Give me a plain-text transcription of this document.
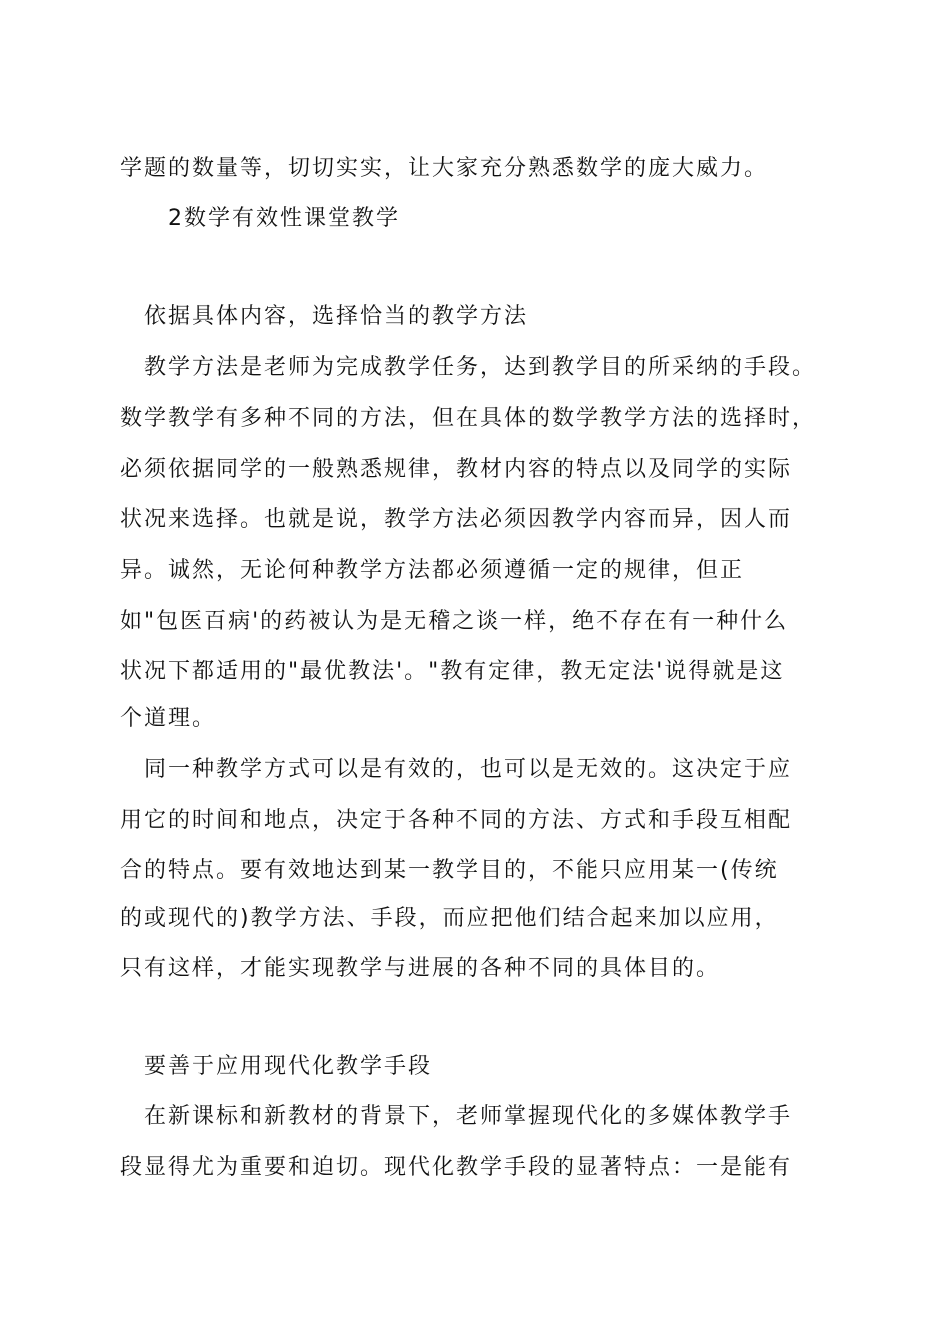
学题的数量等，切切实实，让大家充分熟悉数学的庞大威力。
2数学有效性课堂教学
依据具体内容，选择恰当的教学方法
教学方法是老师为完成教学任务，达到教学目的所采纳的手段。
数学教学有多种不同的方法，但在具体的数学教学方法的选择时，
必须依据同学的一般熟悉规律，教材内容的特点以及同学的实际
状况来选择。也就是说，教学方法必须因教学内容而异，因人而
异。诚然，无论何种教学方法都必须遵循一定的规律，但正
如"包医百病'的药被认为是无稽之谈一样，绝不存在有一种什么
状况下都适用的"最优教法'。"教有定律，教无定法'说得就是这
个道理。
同一种教学方式可以是有效的，也可以是无效的。这决定于应
用它的时间和地点，决定于各种不同的方法、方式和手段互相配
合的特点。要有效地达到某一教学目的，不能只应用某一(传统
的或现代的)教学方法、手段，而应把他们结合起来加以应用，
只有这样，才能实现教学与进展的各种不同的具体目的。
要善于应用现代化教学手段
在新课标和新教材的背景下，老师掌握现代化的多媒体教学手
段显得尤为重要和迫切。现代化教学手段的显著特点：一是能有
